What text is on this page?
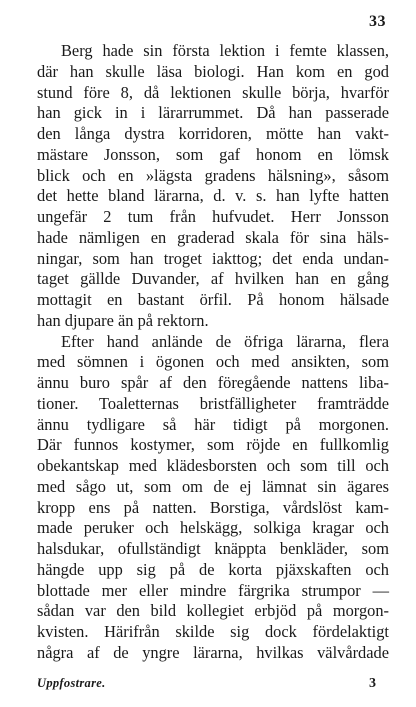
33
Berg hade sin första lektion i femte klassen,
där han skulle läsa biologi. Han kom en god
stund före 8, då lektionen skulle börja, hvarför
han gick in i lärarrummet. Då han passerade
den långa dystra korridoren, mötte han vakt-
mästare Jonsson, som gaf honom en lömsk
blick och en »lägsta gradens hälsning», såsom
det hette bland lärarna, d. v. s. han lyfte hatten
ungefär 2 tum från hufvudet. Herr Jonsson
hade nämligen en graderad skala för sina häls-
ningar, som han troget iakttog; det enda undan-
taget gällde Duvander, af hvilken han en gång
mottagit en bastant örfil. På honom hälsade
han djupare än på rektorn.
Efter hand anlände de öfriga lärarna, flera
med sömnen i ögonen och med ansikten, som
ännu buro spår af den föregående nattens liba-
tioner. Toaletternas bristfälligheter framträdde
ännu tydligare så här tidigt på morgonen.
Där funnos kostymer, som röjde en fullkomlig
obekantskap med klädesborsten och som till och
med sågo ut, som om de ej lämnat sin ägares
kropp ens på natten. Borstiga, vårdslöst kam-
made peruker och helskägg, solkiga kragar och
halsdukar, ofullständigt knäppta benkläder, som
hängde upp sig på de korta pjäxskaften och
blottade mer eller mindre färgrika strumpor —
sådan var den bild kollegiet erbjöd på morgon-
kvisten. Härifrån skilde sig dock fördelaktigt
några af de yngre lärarna, hvilkas välvårdade
Uppfostrare.	3
